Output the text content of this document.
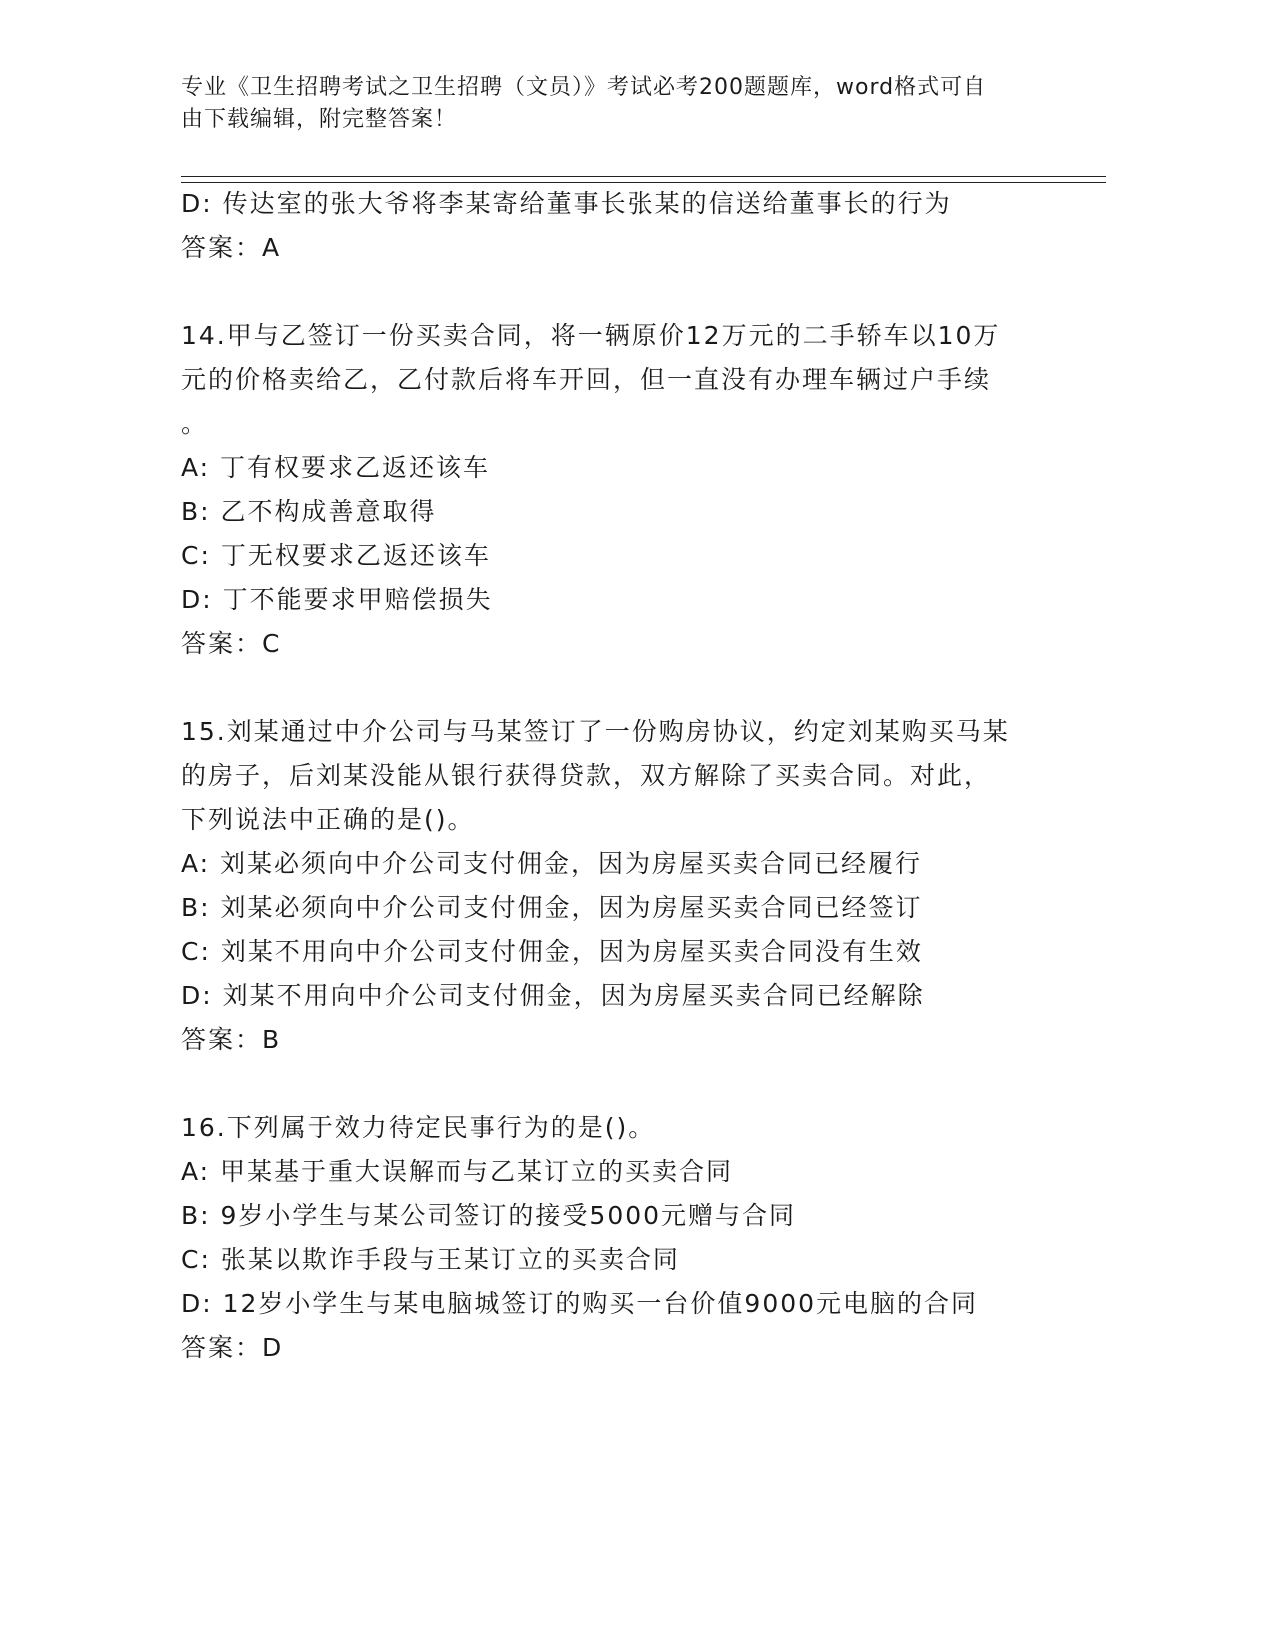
专业《卫生招聘考试之卫生招聘（文员）》考试必考200题题库，word格式可自
由下载编辑，附完整答案！
D: 传达室的张大爷将李某寄给董事长张某的信送给董事长的行为
答案：A
14.甲与乙签订一份买卖合同，将一辆原价12万元的二手轿车以10万
元的价格卖给乙，乙付款后将车开回，但一直没有办理车辆过户手续
。
A: 丁有权要求乙返还该车
B: 乙不构成善意取得
C: 丁无权要求乙返还该车
D: 丁不能要求甲赔偿损失
答案：C
15.刘某通过中介公司与马某签订了一份购房协议，约定刘某购买马某
的房子，后刘某没能从银行获得贷款，双方解除了买卖合同。对此，
下列说法中正确的是()。
A: 刘某必须向中介公司支付佣金，因为房屋买卖合同已经履行
B: 刘某必须向中介公司支付佣金，因为房屋买卖合同已经签订
C: 刘某不用向中介公司支付佣金，因为房屋买卖合同没有生效
D: 刘某不用向中介公司支付佣金，因为房屋买卖合同已经解除
答案：B
16.下列属于效力待定民事行为的是()。
A: 甲某基于重大误解而与乙某订立的买卖合同
B: 9岁小学生与某公司签订的接受5000元赠与合同
C: 张某以欺诈手段与王某订立的买卖合同
D: 12岁小学生与某电脑城签订的购买一台价值9000元电脑的合同
答案：D
